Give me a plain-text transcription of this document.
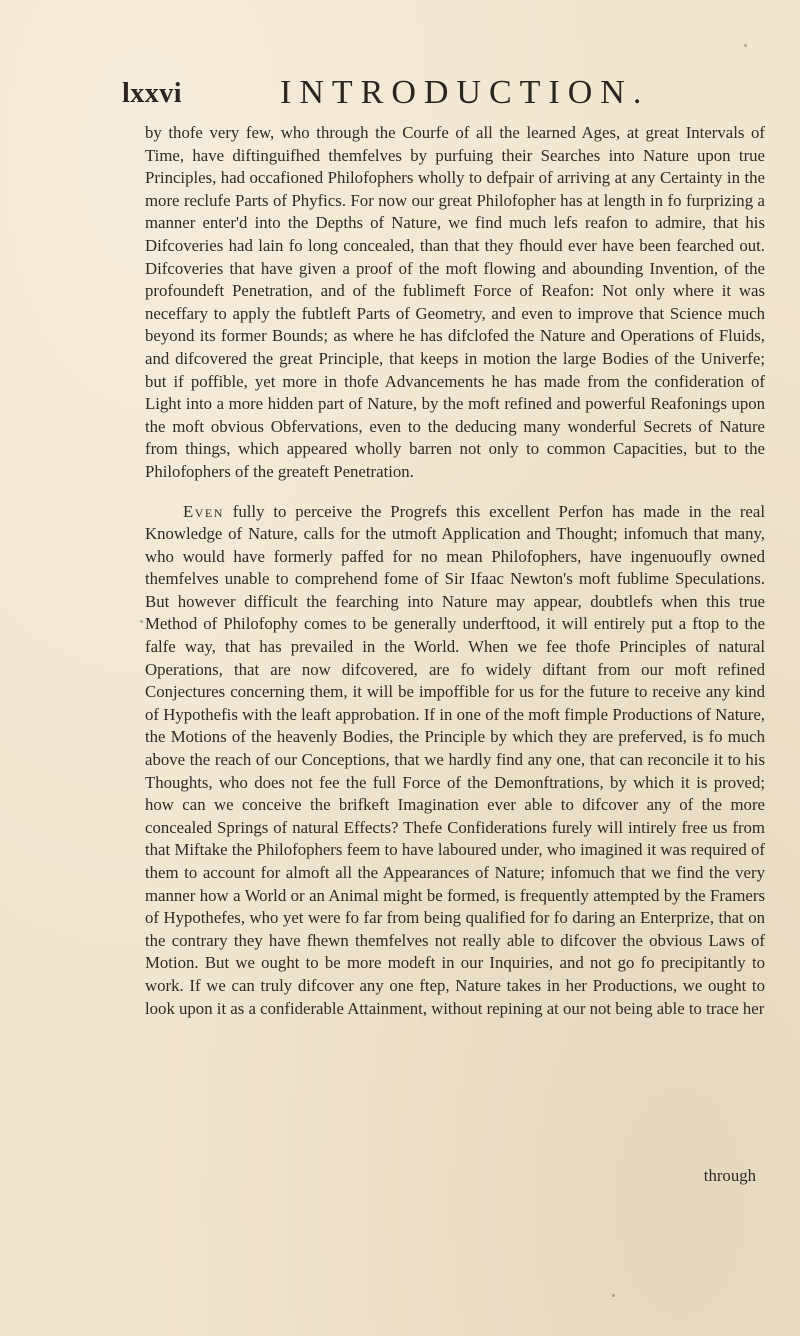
lxxvi	INTRODUCTION.

by thofe very few, who through the Courfe of all the learned Ages, at great Intervals of Time, have diftinguifhed themfelves by purfuing their Searches into Nature upon true Principles, had occafioned Philofophers wholly to defpair of arriving at any Certainty in the more reclufe Parts of Phyfics. For now our great Philofopher has at length in fo furprizing a manner enter'd into the Depths of Nature, we find much lefs reafon to admire, that his Difcoveries had lain fo long concealed, than that they fhould ever have been fearched out. Difcoveries that have given a proof of the moft flowing and abounding Invention, of the profoundeft Penetration, and of the fublimeft Force of Reafon: Not only where it was neceffary to apply the fubtleft Parts of Geometry, and even to improve that Science much beyond its former Bounds; as where he has difclofed the Nature and Operations of Fluids, and difcovered the great Principle, that keeps in motion the large Bodies of the Univerfe; but if poffible, yet more in thofe Advancements he has made from the confideration of Light into a more hidden part of Nature, by the moft refined and powerful Reafonings upon the moft obvious Obfervations, even to the deducing many wonderful Secrets of Nature from things, which appeared wholly barren not only to common Capacities, but to the Philofophers of the greateft Penetration.

Even fully to perceive the Progrefs this excellent Perfon has made in the real Knowledge of Nature, calls for the utmoft Application and Thought; infomuch that many, who would have formerly paffed for no mean Philofophers, have ingenuoufly owned themfelves unable to comprehend fome of Sir Ifaac Newton's moft fublime Speculations. But however difficult the fearching into Nature may appear, doubtlefs when this true Method of Philofophy comes to be generally underftood, it will entirely put a ftop to the falfe way, that has prevailed in the World. When we fee thofe Principles of natural Operations, that are now difcovered, are fo widely diftant from our moft refined Conjectures concerning them, it will be impoffible for us for the future to receive any kind of Hypothefis with the leaft approbation. If in one of the moft fimple Productions of Nature, the Motions of the heavenly Bodies, the Principle by which they are preferved, is fo much above the reach of our Conceptions, that we hardly find any one, that can reconcile it to his Thoughts, who does not fee the full Force of the Demonftrations, by which it is proved; how can we conceive the brifkeft Imagination ever able to difcover any of the more concealed Springs of natural Effects? Thefe Confiderations furely will intirely free us from that Miftake the Philofophers feem to have laboured under, who imagined it was required of them to account for almoft all the Appearances of Nature; infomuch that we find the very manner how a World or an Animal might be formed, is frequently attempted by the Framers of Hypothefes, who yet were fo far from being qualified for fo daring an Enterprize, that on the contrary they have fhewn themfelves not really able to difcover the obvious Laws of Motion. But we ought to be more modeft in our Inquiries, and not go fo precipitantly to work. If we can truly difcover any one ftep, Nature takes in her Productions, we ought to look upon it as a confiderable Attainment, without repining at our not being able to trace her

through
